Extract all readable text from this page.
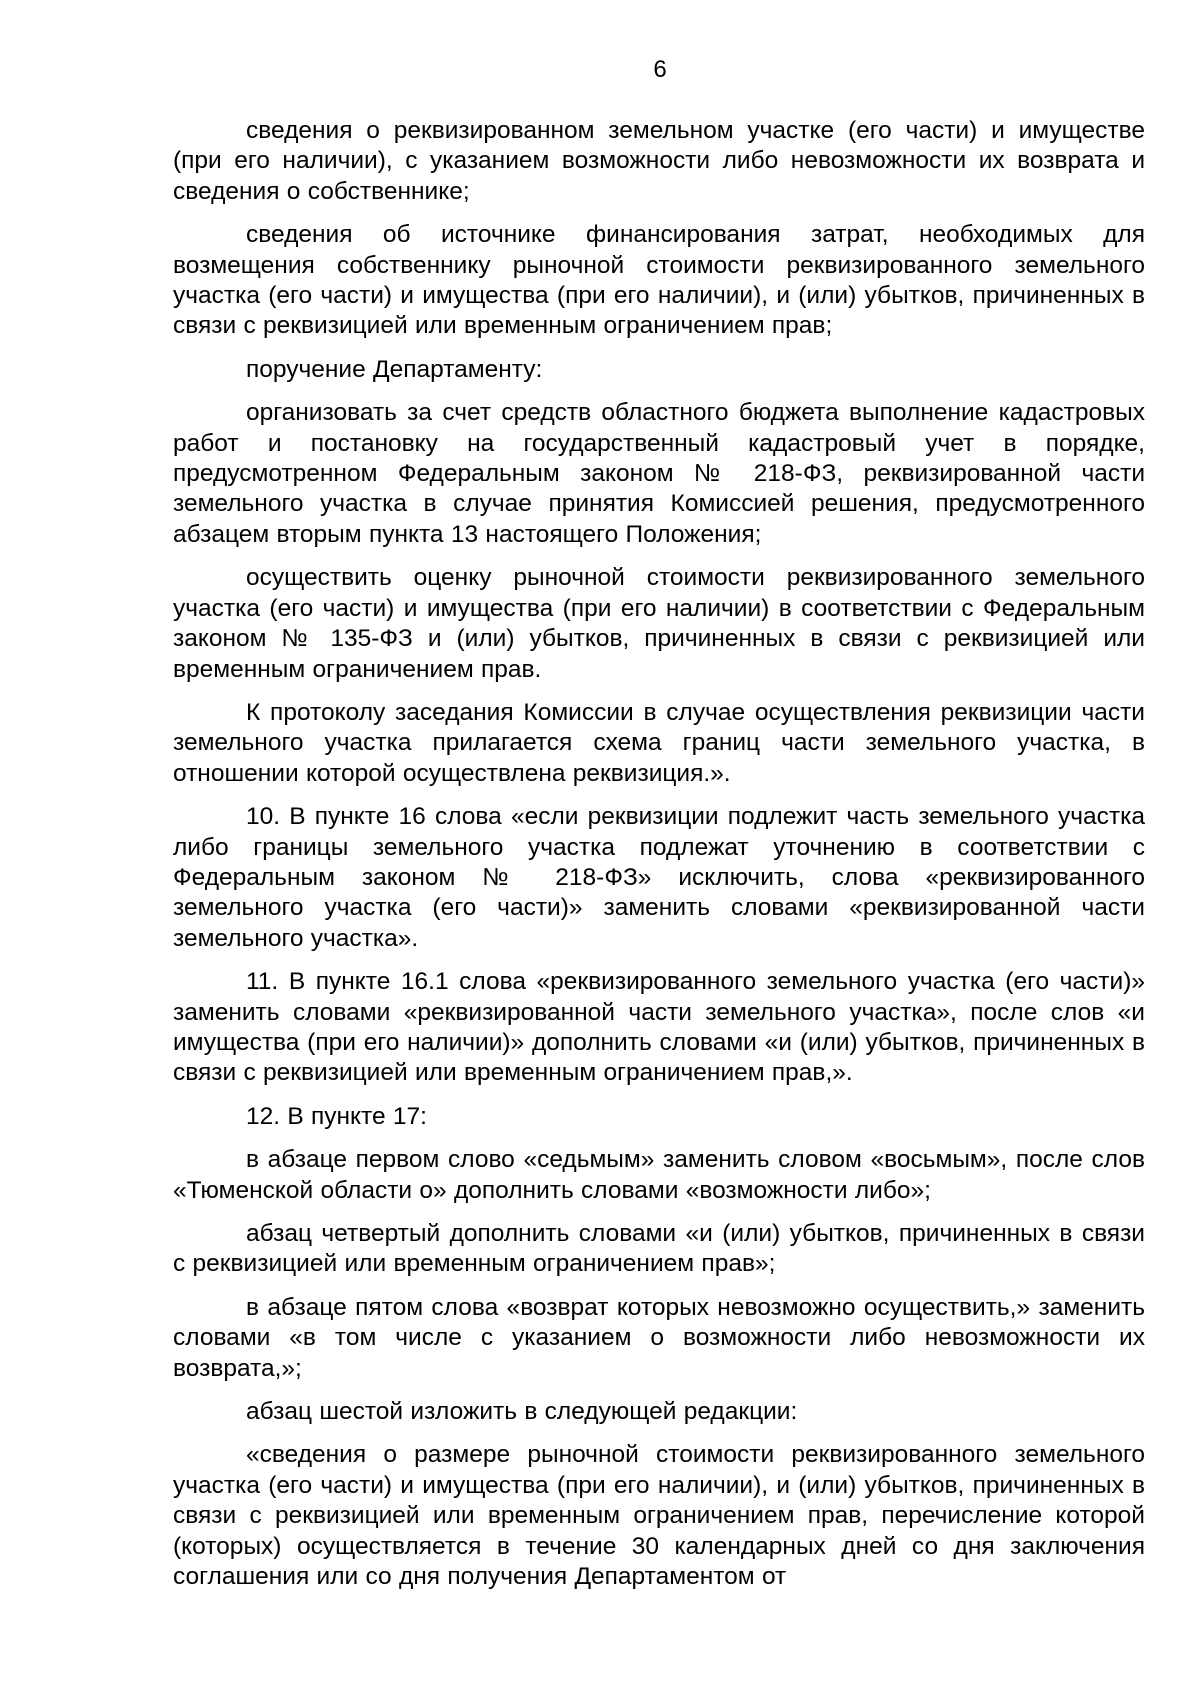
6

сведения о реквизированном земельном участке (его части) и имуществе (при его наличии), с указанием возможности либо невозможности их возврата и сведения о собственнике;

сведения об источнике финансирования затрат, необходимых для возмещения собственнику рыночной стоимости реквизированного земельного участка (его части) и имущества (при его наличии), и (или) убытков, причиненных в связи с реквизицией или временным ограничением прав;

поручение Департаменту:

организовать за счет средств областного бюджета выполнение кадастровых работ и постановку на государственный кадастровый учет в порядке, предусмотренном Федеральным законом № 218-ФЗ, реквизированной части земельного участка в случае принятия Комиссией решения, предусмотренного абзацем вторым пункта 13 настоящего Положения;

осуществить оценку рыночной стоимости реквизированного земельного участка (его части) и имущества (при его наличии) в соответствии с Федеральным законом № 135-ФЗ и (или) убытков, причиненных в связи с реквизицией или временным ограничением прав.

К протоколу заседания Комиссии в случае осуществления реквизиции части земельного участка прилагается схема границ части земельного участка, в отношении которой осуществлена реквизиция.».

10. В пункте 16 слова «если реквизиции подлежит часть земельного участка либо границы земельного участка подлежат уточнению в соответствии с Федеральным законом № 218-ФЗ» исключить, слова «реквизированного земельного участка (его части)» заменить словами «реквизированной части земельного участка».

11. В пункте 16.1 слова «реквизированного земельного участка (его части)» заменить словами «реквизированной части земельного участка», после слов «и имущества (при его наличии)» дополнить словами «и (или) убытков, причиненных в связи с реквизицией или временным ограничением прав,».

12. В пункте 17:

в абзаце первом слово «седьмым» заменить словом «восьмым», после слов «Тюменской области о» дополнить словами «возможности либо»;

абзац четвертый дополнить словами «и (или) убытков, причиненных в связи с реквизицией или временным ограничением прав»;

в абзаце пятом слова «возврат которых невозможно осуществить,» заменить словами «в том числе с указанием о возможности либо невозможности их возврата,»;

абзац шестой изложить в следующей редакции:

«сведения о размере рыночной стоимости реквизированного земельного участка (его части) и имущества (при его наличии), и (или) убытков, причиненных в связи с реквизицией или временным ограничением прав, перечисление которой (которых) осуществляется в течение 30 календарных дней со дня заключения соглашения или со дня получения Департаментом от
